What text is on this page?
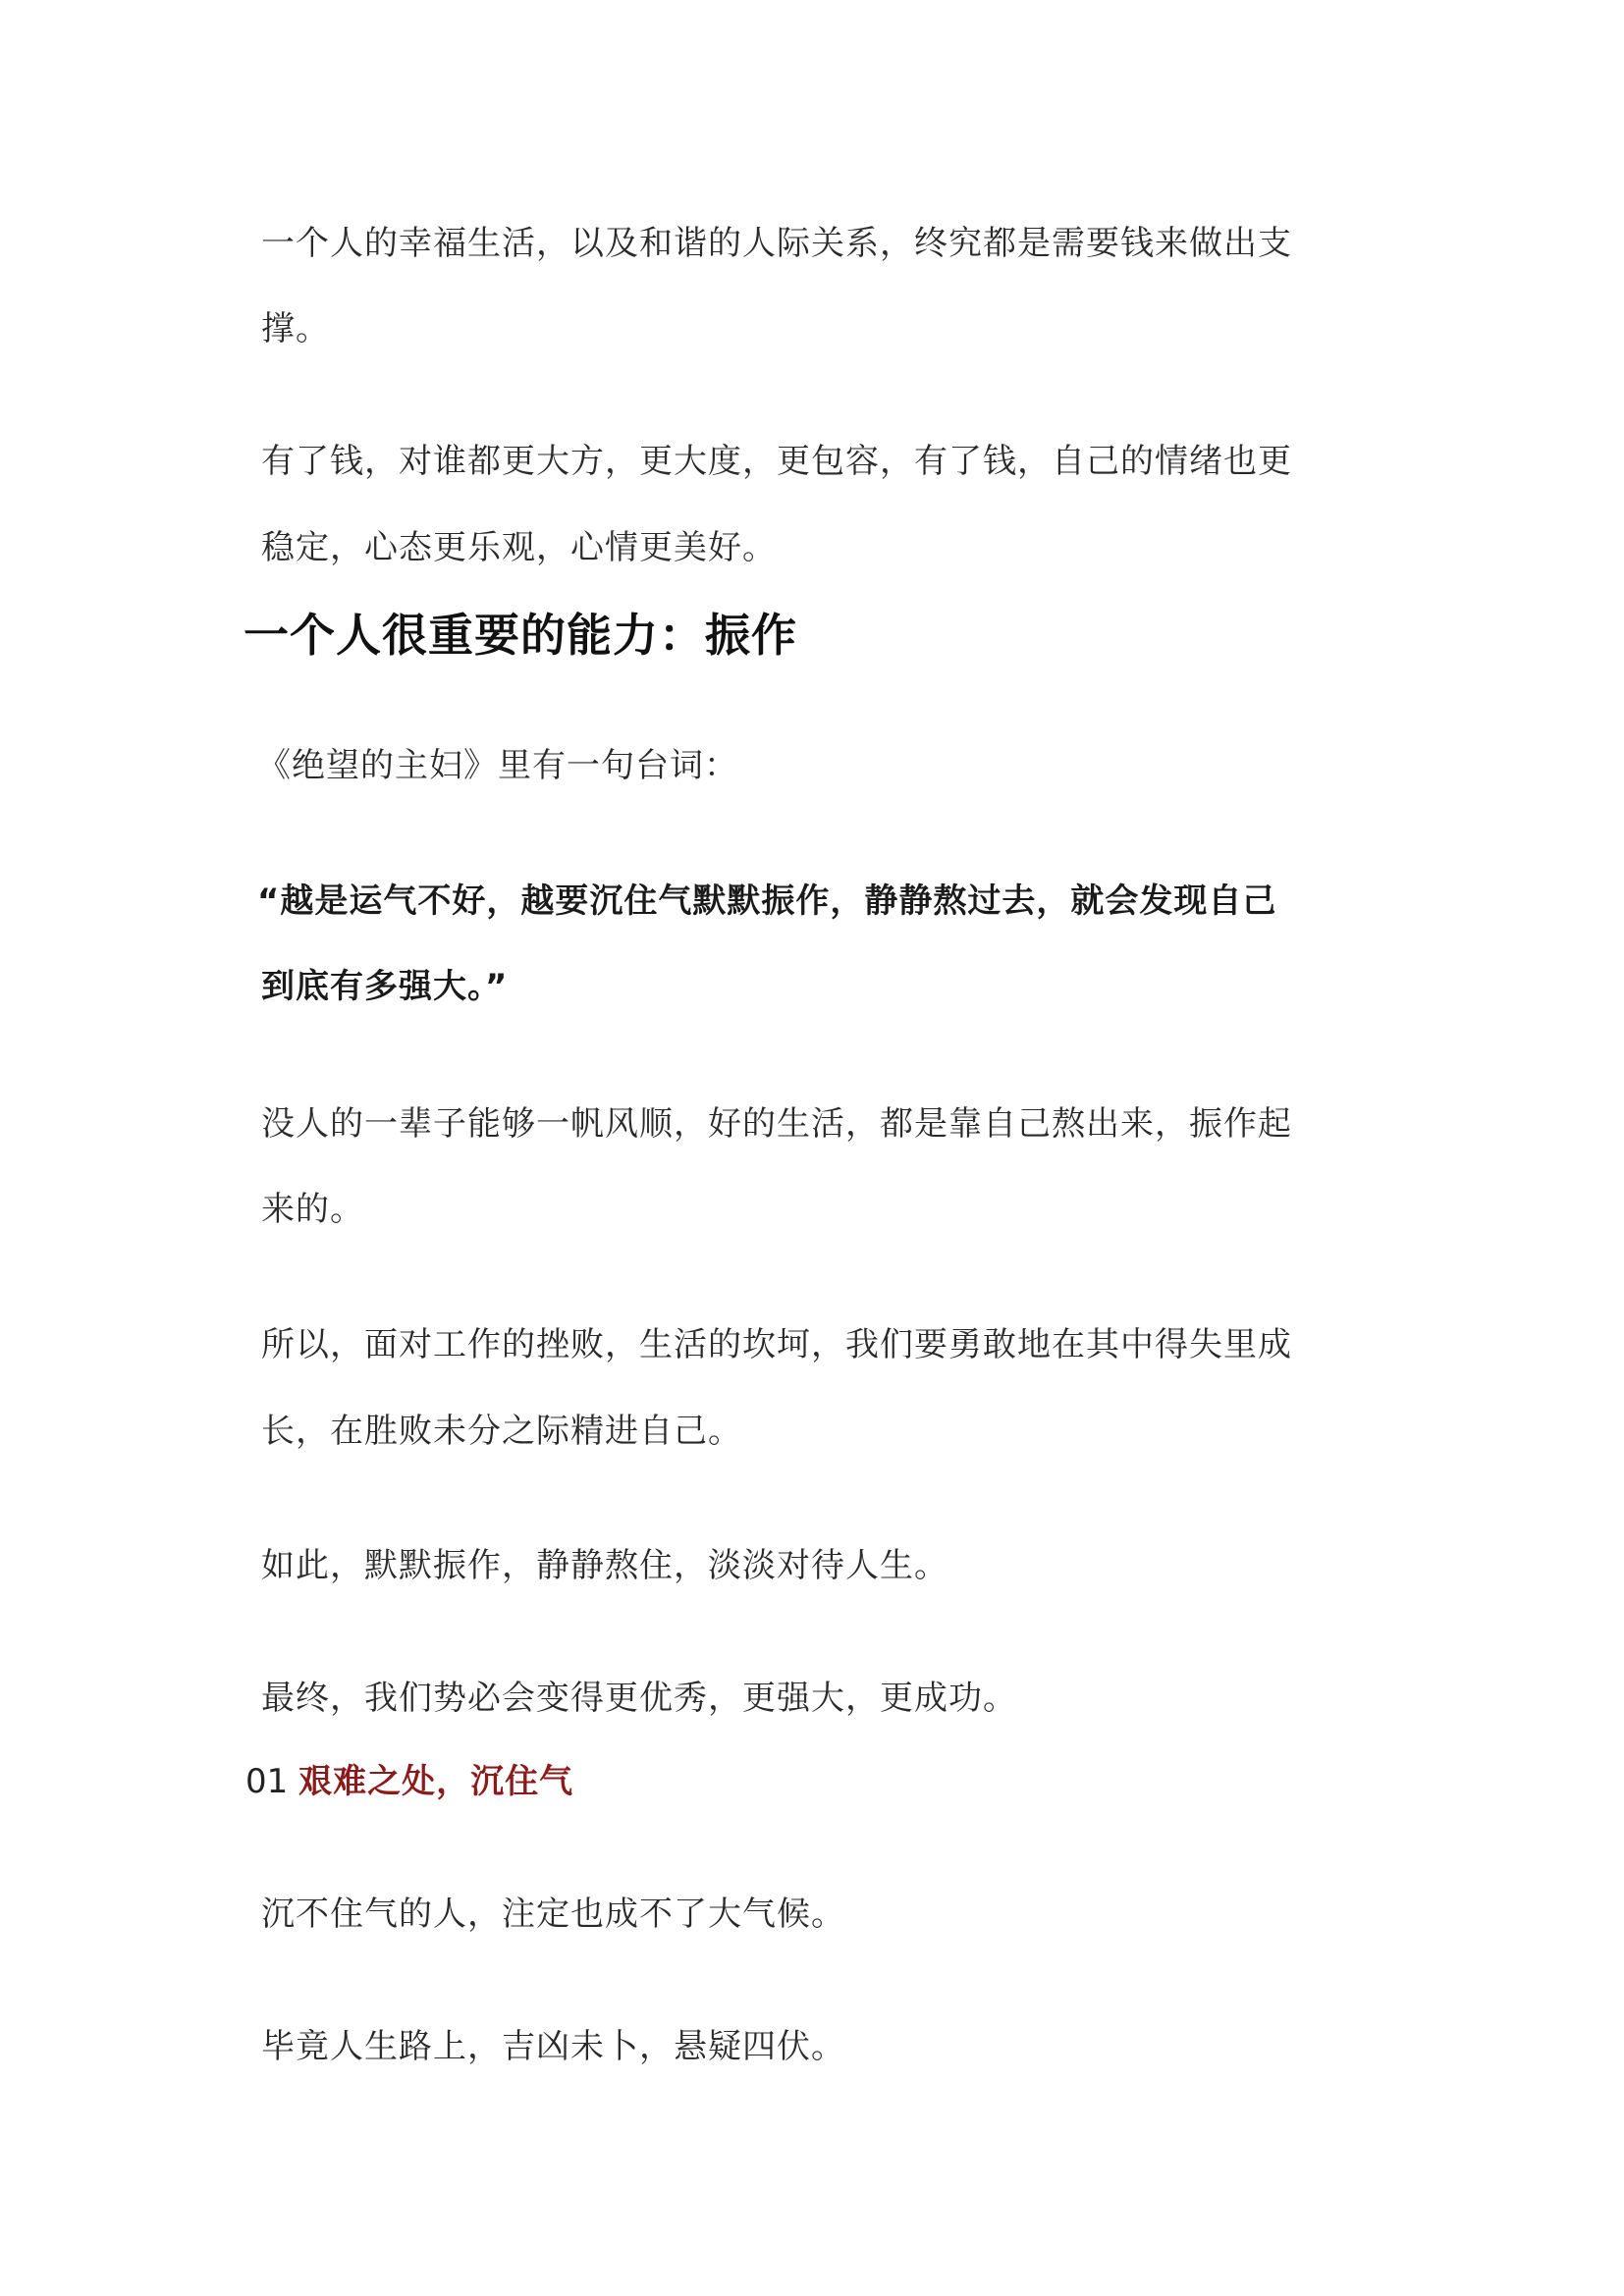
一个人的幸福生活，以及和谐的人际关系，终究都是需要钱来做出支
撑。
有了钱，对谁都更大方，更大度，更包容，有了钱，自己的情绪也更
稳定，心态更乐观，心情更美好。
一个人很重要的能力：振作
《绝望的主妇》里有一句台词：
“越是运气不好，越要沉住气默默振作，静静熬过去，就会发现自己
到底有多强大。”
没人的一辈子能够一帆风顺，好的生活，都是靠自己熬出来，振作起
来的。
所以，面对工作的挫败，生活的坎坷，我们要勇敢地在其中得失里成
长，在胜败未分之际精进自己。
如此，默默振作，静静熬住，淡淡对待人生。
最终，我们势必会变得更优秀，更强大，更成功。
01 艰难之处，沉住气
沉不住气的人，注定也成不了大气候。
毕竟人生路上，吉凶未卜，悬疑四伏。
